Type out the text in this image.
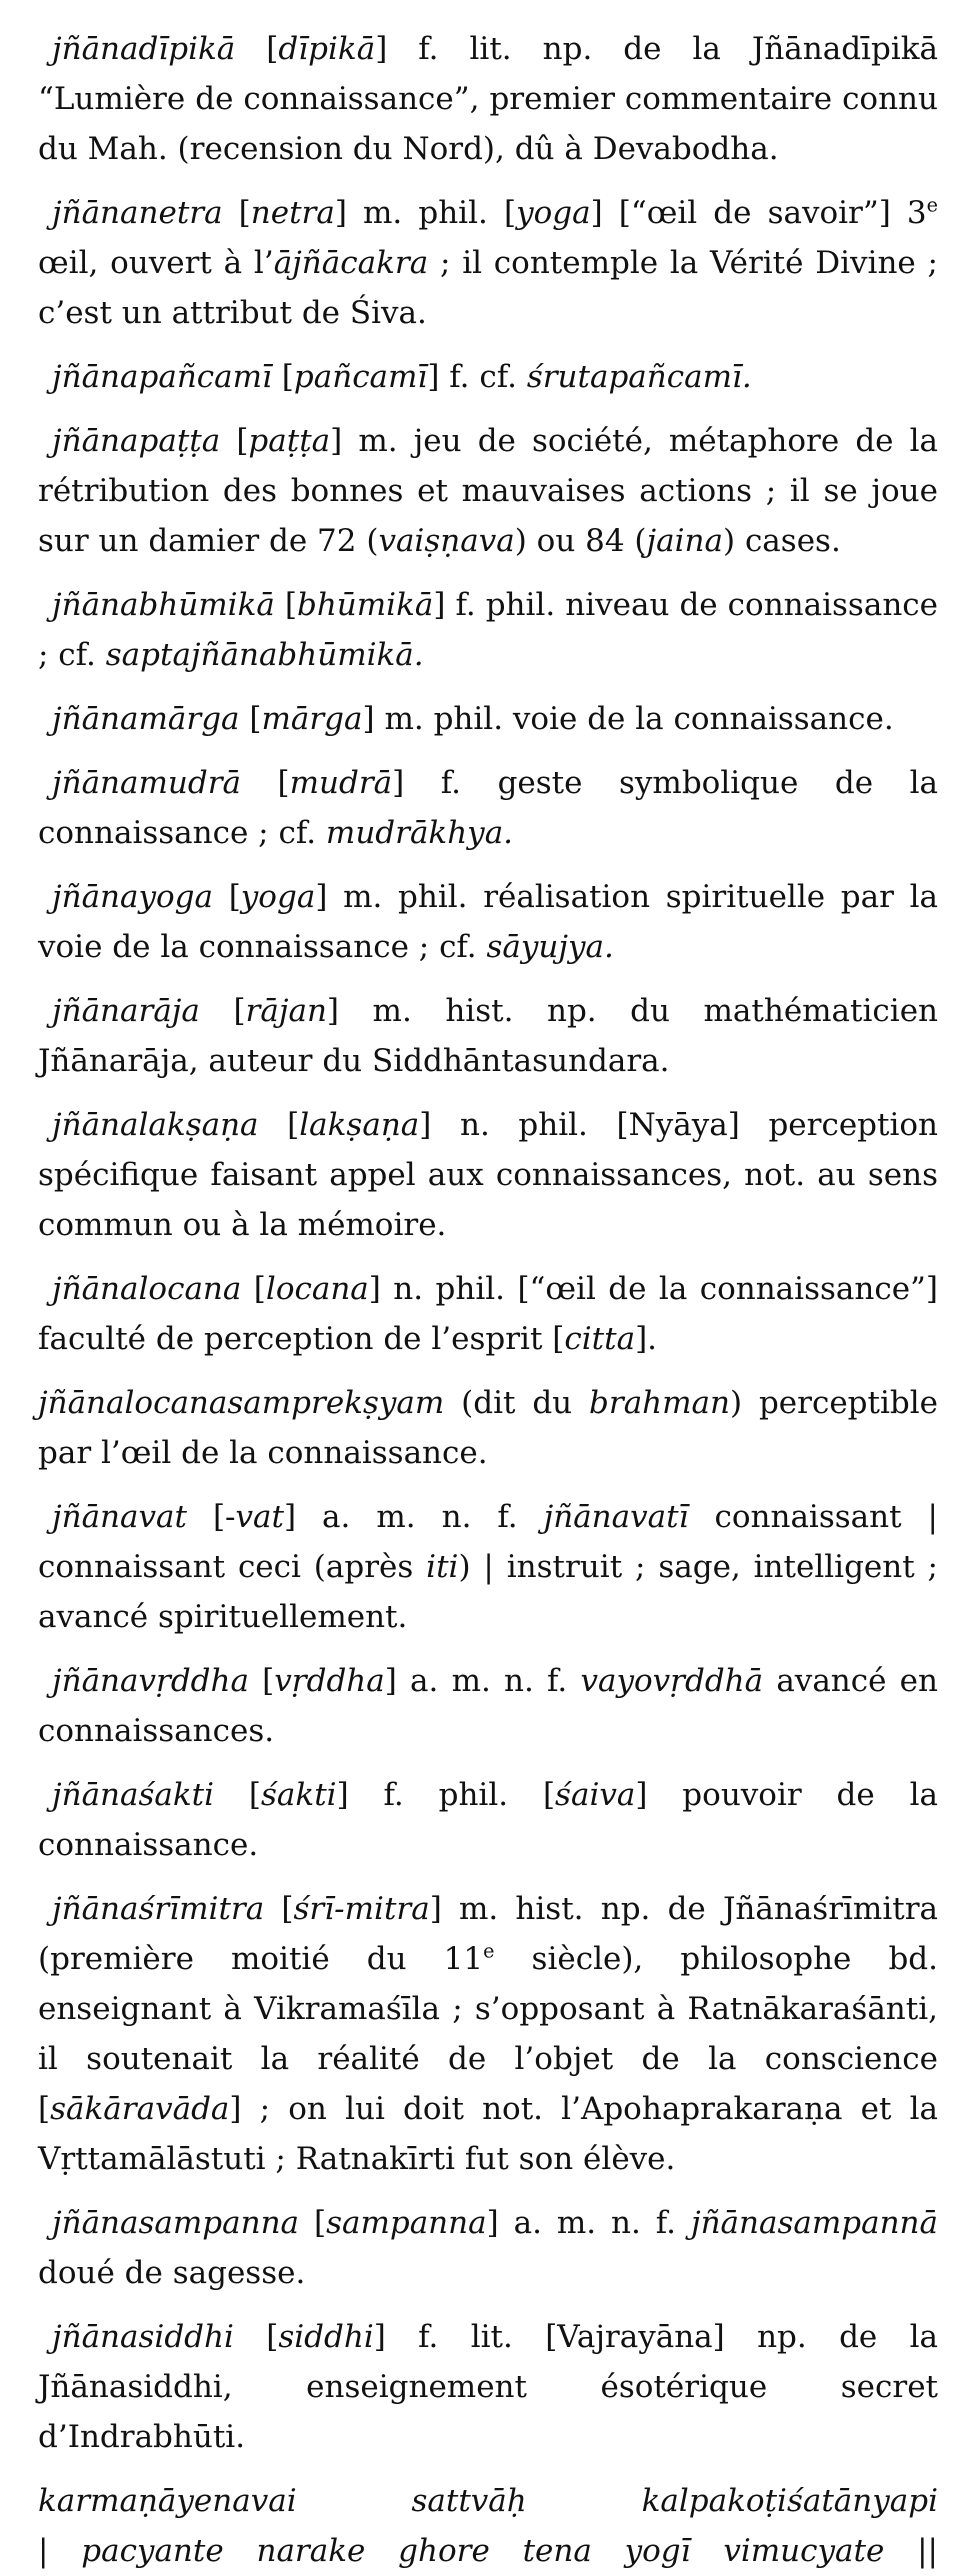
jñānadīpikā [dīpikā] f. lit. np. de la Jñānadīpikā “Lumière de connaissance”, premier commentaire connu du Mah. (recension du Nord), dû à Devabodha.

jñānanetra [netra] m. phil. [yoga] [“œil de savoir”] 3e œil, ouvert à l’ājñācakra ; il contemple la Vérité Divine ; c’est un attribut de Śiva.

jñānapañcamī [pañcamī] f. cf. śrutapañcamī.

jñānapaṭṭa [paṭṭa] m. jeu de société, métaphore de la rétribution des bonnes et mauvaises actions ; il se joue sur un damier de 72 (vaiṣṇava) ou 84 (jaina) cases.

jñānabhūmikā [bhūmikā] f. phil. niveau de connaissance ; cf. saptajñānabhūmikā.

jñānamārga [mārga] m. phil. voie de la connaissance.

jñānamudrā [mudrā] f. geste symbolique de la connaissance ; cf. mudrākhya.

jñānayoga [yoga] m. phil. réalisation spirituelle par la voie de la connaissance ; cf. sāyujya.

jñānarāja [rājan] m. hist. np. du mathématicien Jñānarāja, auteur du Siddhāntasundara.

jñānalakṣaṇa [lakṣaṇa] n. phil. [Nyāya] perception spécifique faisant appel aux connaissances, not. au sens commun ou à la mémoire.

jñānalocana [locana] n. phil. [“œil de la connaissance”] faculté de perception de l’esprit [citta].

jñānalocanasamprekṣyam (dit du brahman) perceptible par l’œil de la connaissance.

jñānavat [-vat] a. m. n. f. jñānavatī connaissant | connaissant ceci (après iti) | instruit ; sage, intelligent ; avancé spirituellement.

jñānavṛddha [vṛddha] a. m. n. f. vayovṛddhā avancé en connaissances.

jñānaśakti [śakti] f. phil. [śaiva] pouvoir de la connaissance.

jñānaśrīmitra [śrī-mitra] m. hist. np. de Jñānaśrīmitra (première moitié du 11e siècle), philosophe bd. enseignant à Vikramaśīla ; s’opposant à Ratnākaraśānti, il soutenait la réalité de l’objet de la conscience [sākāravāda] ; on lui doit not. l’Apohaprakaraṇa et la Vṛttamālāstuti ; Ratnakīrti fut son élève.

jñānasampanna [sampanna] a. m. n. f. jñānasampannā doué de sagesse.

jñānasiddhi [siddhi] f. lit. [Vajrayāna] np. de la Jñānasiddhi, enseignement ésotérique secret d’Indrabhūti.

karmaṇāyenavai sattvāḥ kalpakoṭiśatānyapi
| pacyante narake ghore tena yogī vimucyate ||
